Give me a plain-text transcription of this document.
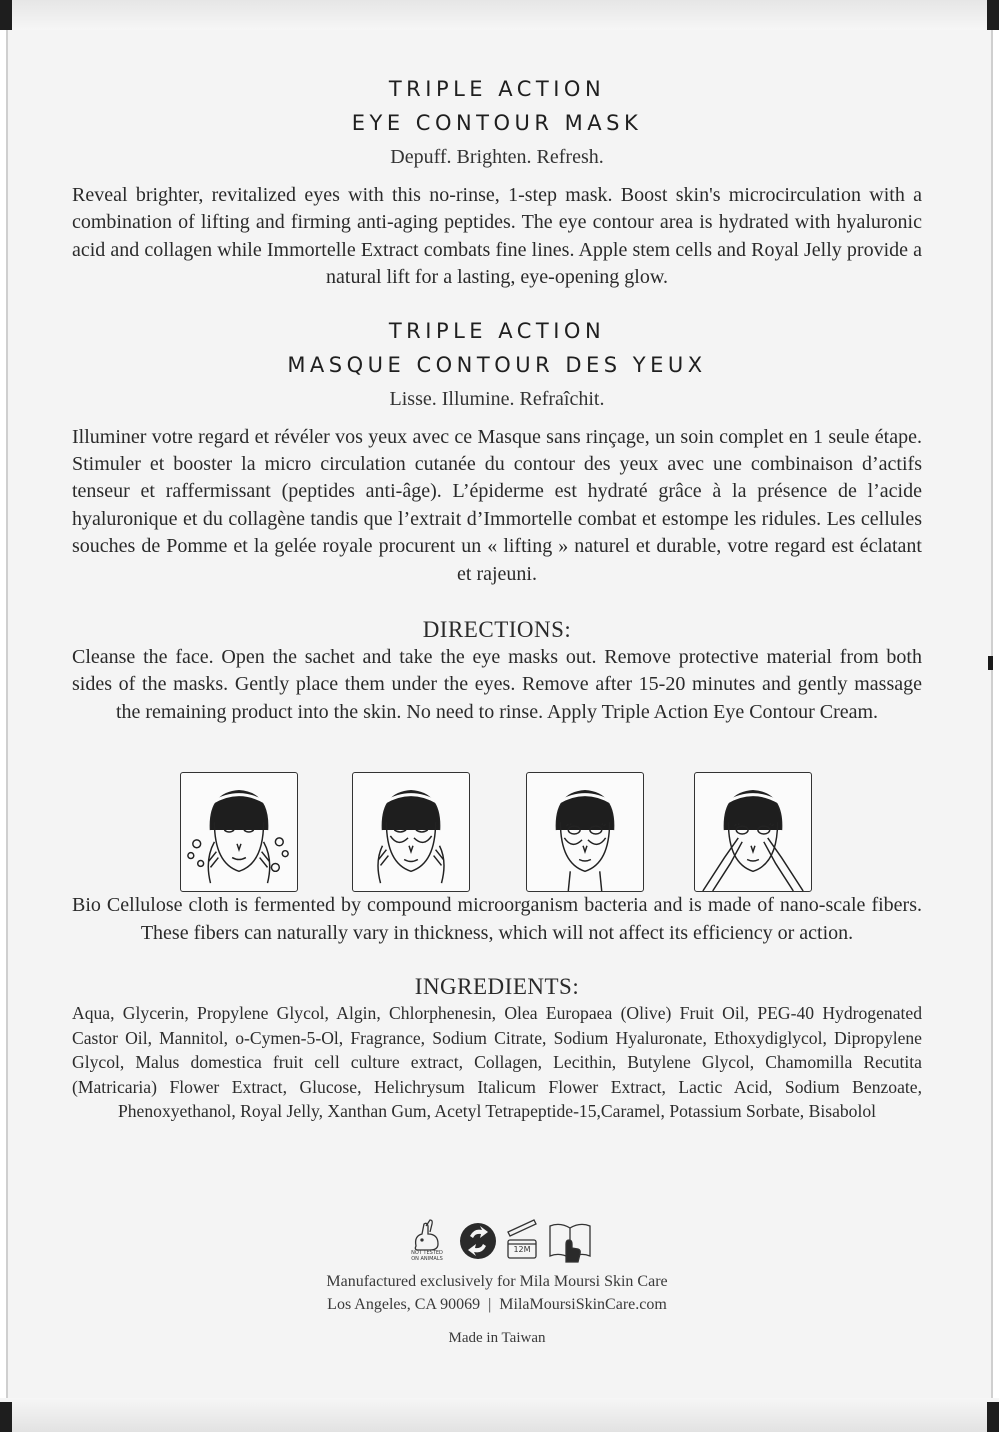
TRIPLE ACTION

EYE CONTOUR MASK

Depuff. Brighten. Refresh.

Reveal brighter, revitalized eyes with this no-rinse, 1-step mask. Boost skin's microcirculation with a combination of lifting and firming anti-aging peptides. The eye contour area is hydrated with hyaluronic acid and collagen while Immortelle Extract combats fine lines. Apple stem cells and Royal Jelly provide a natural lift for a lasting, eye-opening glow.

TRIPLE ACTION

MASQUE CONTOUR DES YEUX

Lisse. Illumine. Refraîchit.

Illuminer votre regard et révéler vos yeux avec ce Masque sans rinçage, un soin complet en 1 seule étape. Stimuler et booster la micro circulation cutanée du contour des yeux avec une combinaison d’actifs tenseur et raffermissant (peptides anti-âge). L’épiderme est hydraté grâce à la présence de l’acide hyaluronique et du collagène tandis que l’extrait d’Immortelle combat et estompe les ridules. Les cellules souches de Pomme et la gelée royale procurent un « lifting » naturel et durable, votre regard est éclatant et rajeuni.

DIRECTIONS:

Cleanse the face. Open the sachet and take the eye masks out. Remove protective material from both sides of the masks. Gently place them under the eyes. Remove after 15-20 minutes and gently massage the remaining product into the skin. No need to rinse. Apply Triple Action Eye Contour Cream.

Bio Cellulose cloth is fermented by compound microorganism bacteria and is made of nano-scale fibers. These fibers can naturally vary in thickness, which will not affect its efficiency or action.

INGREDIENTS:

Aqua, Glycerin, Propylene Glycol, Algin, Chlorphenesin, Olea Europaea (Olive) Fruit Oil, PEG-40 Hydrogenated Castor Oil, Mannitol, o-Cymen-5-Ol, Fragrance, Sodium Citrate, Sodium Hyaluronate, Ethoxydiglycol, Dipropylene Glycol, Malus domestica fruit cell culture extract, Collagen, Lecithin, Butylene Glycol, Chamomilla Recutita (Matricaria) Flower Extract, Glucose, Helichrysum Italicum Flower Extract, Lactic Acid, Sodium Benzoate, Phenoxyethanol, Royal Jelly, Xanthan Gum, Acetyl Tetrapeptide-15,Caramel, Potassium Sorbate, Bisabolol

NOT TESTED
ON ANIMALS
12M
Manufactured exclusively for Mila Moursi Skin Care
Los Angeles, CA 90069  |  MilaMoursiSkinCare.com
Made in Taiwan
